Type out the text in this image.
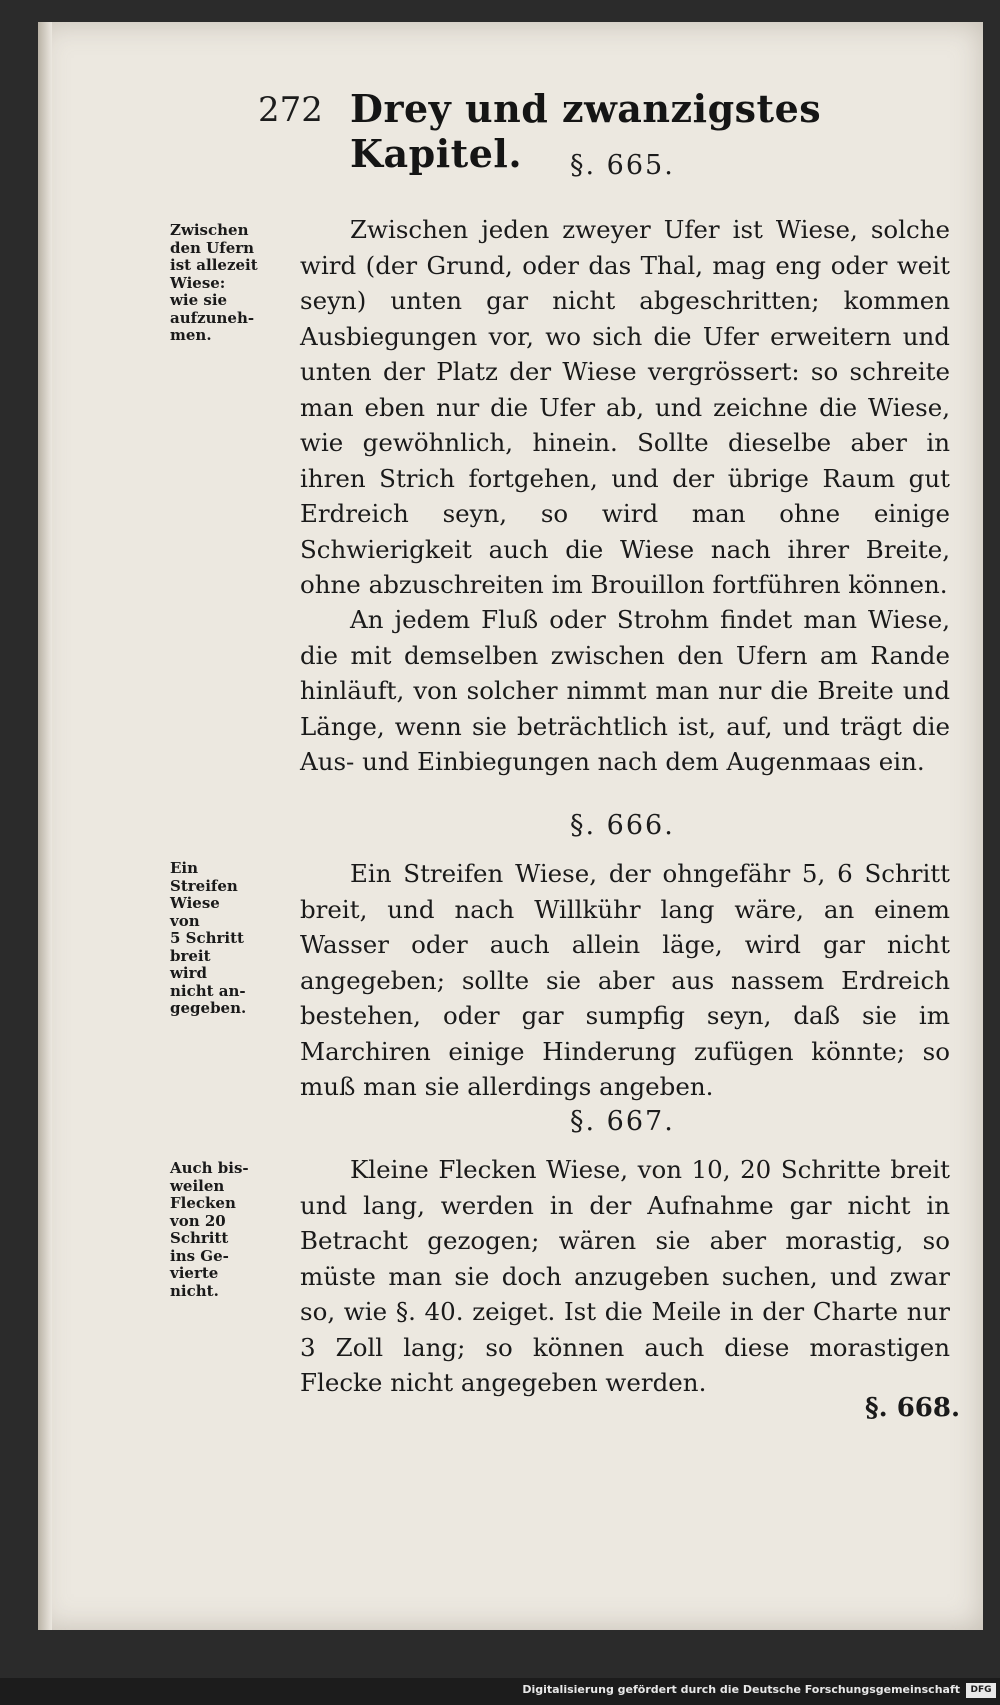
272 Drey und zwanzigstes Kapitel.	§. 665.
Zwischen
den Ufern
ist allezeit
Wiese:
wie sie
aufzuneh-
men.

Zwischen jeden zweyer Ufer ist Wiese, solche wird (der Grund, oder das Thal, mag eng oder weit seyn) unten gar nicht abgeschritten; kommen Ausbiegungen vor, wo sich die Ufer erweitern und unten der Platz der Wiese vergrössert: so schreite man eben nur die Ufer ab, und zeichne die Wiese, wie gewöhnlich, hinein. Sollte dieselbe aber in ihren Strich fortgehen, und der übrige Raum gut Erdreich seyn, so wird man ohne einige Schwierigkeit auch die Wiese nach ihrer Breite, ohne abzuschreiten im Brouillon fortführen können.

An jedem Fluß oder Strohm findet man Wiese, die mit demselben zwischen den Ufern am Rande hinläuft, von solcher nimmt man nur die Breite und Länge, wenn sie beträchtlich ist, auf, und trägt die Aus- und Einbiegungen nach dem Augenmaas ein.

§. 666.
Ein
Streifen
Wiese
von
5 Schritt
breit
wird
nicht an-
gegeben.

Ein Streifen Wiese, der ohngefähr 5, 6 Schritt breit, und nach Willkühr lang wäre, an einem Wasser oder auch allein läge, wird gar nicht angegeben; sollte sie aber aus nassem Erdreich bestehen, oder gar sumpfig seyn, daß sie im Marchiren einige Hinderung zufügen könnte; so muß man sie allerdings angeben.

§. 667.
Auch bis-
weilen
Flecken
von 20
Schritt
ins Ge-
vierte
nicht.

Kleine Flecken Wiese, von 10, 20 Schritte breit und lang, werden in der Aufnahme gar nicht in Betracht gezogen; wären sie aber morastig, so müste man sie doch anzugeben suchen, und zwar so, wie §. 40. zeiget. Ist die Meile in der Charte nur 3 Zoll lang; so können auch diese morastigen Flecke nicht angegeben werden.

§. 668.
Digitalisierung gefördert durch die Deutsche Forschungsgemeinschaft	DFG
